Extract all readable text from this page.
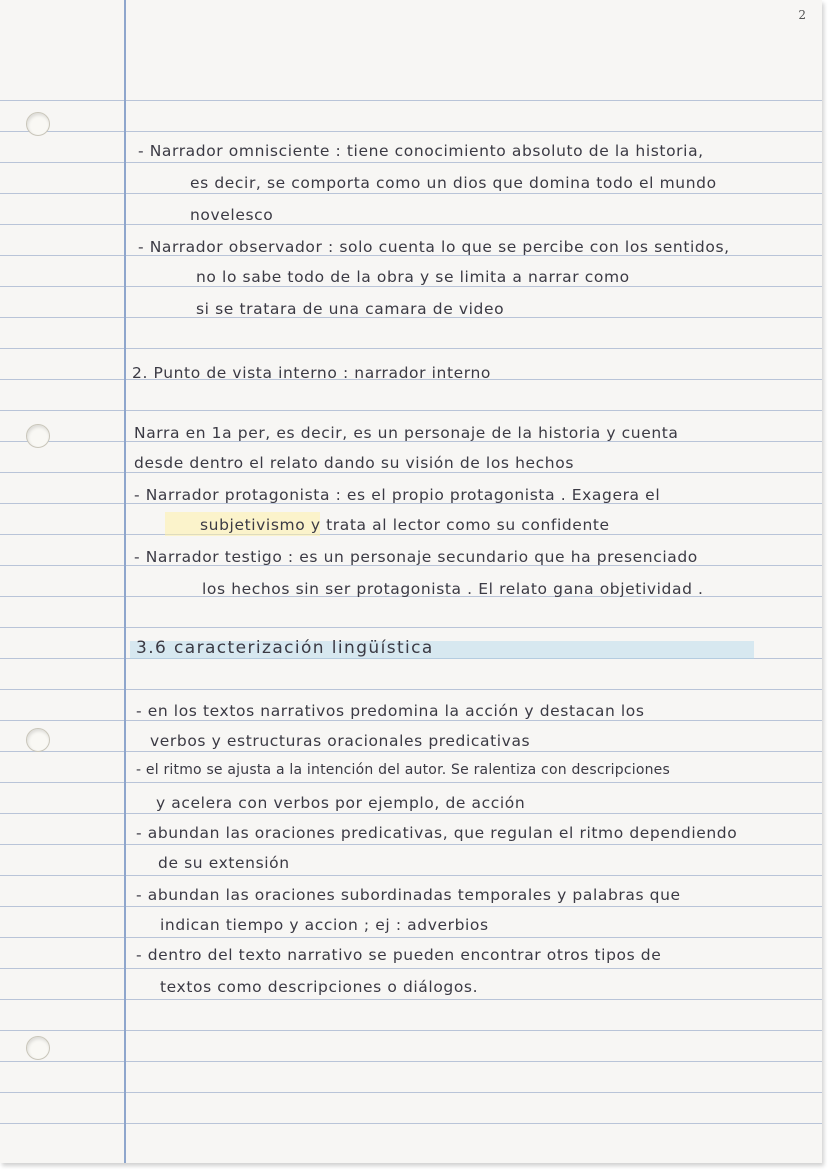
2
- Narrador omnisciente : tiene conocimiento absoluto de la historia,
es decir, se comporta como un dios que domina todo el mundo
novelesco
- Narrador observador : solo cuenta lo que se percibe con los sentidos,
no lo sabe todo de la obra y se limita a narrar como
si se tratara de una camara de video
2. Punto de vista interno : narrador interno
Narra en 1a per, es decir, es un personaje de la historia y cuenta
desde dentro el relato dando su visión de los hechos
- Narrador protagonista : es el propio protagonista . Exagera el
subjetivismo y trata al lector como su confidente
- Narrador testigo : es un personaje secundario que ha presenciado
los hechos sin ser protagonista . El relato gana objetividad .
3.6 caracterización lingüística
- en los textos narrativos predomina la acción y destacan los
verbos y estructuras oracionales predicativas
- el ritmo se ajusta a la intención del autor. Se ralentiza con descripciones
y acelera con verbos por ejemplo, de acción
- abundan las oraciones predicativas, que regulan el ritmo dependiendo
de su extensión
- abundan las oraciones subordinadas temporales y palabras que
indican tiempo y accion ; ej : adverbios
- dentro del texto narrativo se pueden encontrar otros tipos de
textos como descripciones o diálogos.
